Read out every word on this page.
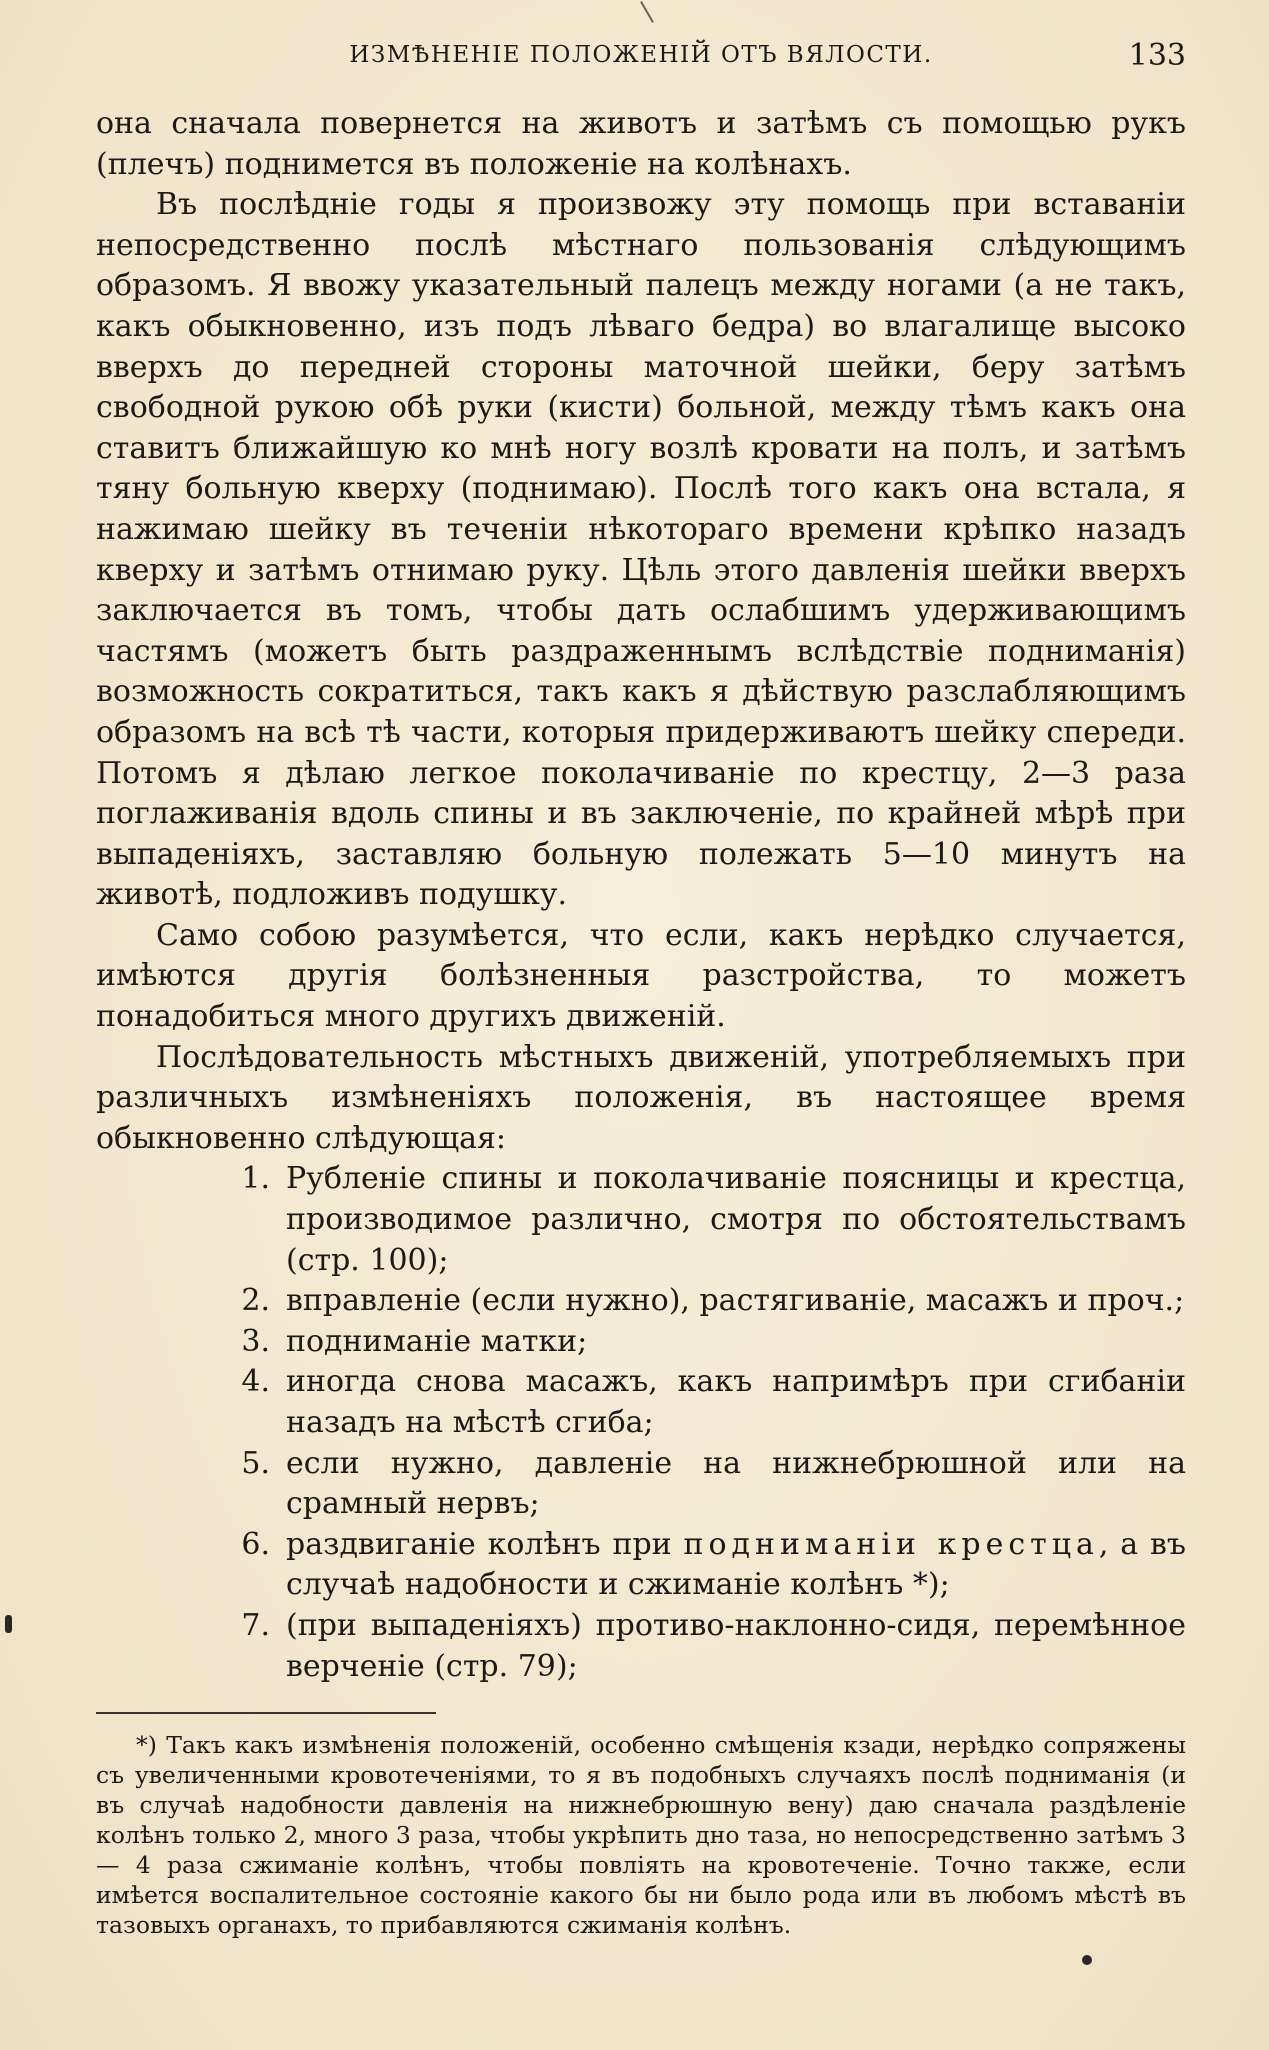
ИЗМѢНЕНІЕ ПОЛОЖЕНІЙ ОТЪ ВЯЛОСТИ.	133

она сначала повернется на животъ и затѣмъ съ помощью рукъ (плечъ) поднимется въ положеніе на колѣнахъ.

Въ послѣдніе годы я произвожу эту помощь при вставаніи непосредственно послѣ мѣстнаго пользованія слѣдующимъ образомъ. Я ввожу указательный палецъ между ногами (а не такъ, какъ обыкновенно, изъ подъ лѣваго бедра) во влагалище высоко вверхъ до передней стороны маточной шейки, беру затѣмъ свободной рукою обѣ руки (кисти) больной, между тѣмъ какъ она ставитъ ближайшую ко мнѣ ногу возлѣ кровати на полъ, и затѣмъ тяну больную кверху (поднимаю). Послѣ того какъ она встала, я нажимаю шейку въ теченіи нѣкотораго времени крѣпко назадъ кверху и затѣмъ отнимаю руку. Цѣль этого давленія шейки вверхъ заключается въ томъ, чтобы дать ослабшимъ удерживающимъ частямъ (можетъ быть раздраженнымъ вслѣдствіе подниманія) возможность сократиться, такъ какъ я дѣйствую разслабляющимъ образомъ на всѣ тѣ части, которыя придерживаютъ шейку спереди. Потомъ я дѣлаю легкое поколачиваніе по крестцу, 2—3 раза поглаживанія вдоль спины и въ заключеніе, по крайней мѣрѣ при выпаденіяхъ, заставляю больную полежать 5—10 минутъ на животѣ, подложивъ подушку.

Само собою разумѣется, что если, какъ нерѣдко случается, имѣются другія болѣзненныя разстройства, то можетъ понадобиться много другихъ движеній.

Послѣдовательность мѣстныхъ движеній, употребляемыхъ при различныхъ измѣненіяхъ положенія, въ настоящее время обыкновенно слѣдующая:

1. Рубленіе спины и поколачиваніе поясницы и крестца, производимое различно, смотря по обстоятельствамъ (стр. 100);
2. вправленіе (если нужно), растягиваніе, масажъ и проч.;
3. подниманіе матки;
4. иногда снова масажъ, какъ напримѣръ при сгибаніи назадъ на мѣстѣ сгиба;
5. если нужно, давленіе на нижнебрюшной или на срамный нервъ;
6. раздвиганіе колѣнъ при подниманіи крестца, а въ случаѣ надобности и сжиманіе колѣнъ *);
7. (при выпаденіяхъ) противо-наклонно-сидя, перемѣнное верченіе (стр. 79);
*) Такъ какъ измѣненія положеній, особенно смѣщенія кзади, нерѣдко сопряжены съ увеличенными кровотеченіями, то я въ подобныхъ случаяхъ послѣ подниманія (и въ случаѣ надобности давленія на нижнебрюшную вену) даю сначала раздѣленіе колѣнъ только 2, много 3 раза, чтобы укрѣпить дно таза, но непосредственно затѣмъ 3 — 4 раза сжиманіе колѣнъ, чтобы повліять на кровотеченіе. Точно также, если имѣется воспалительное состояніе какого бы ни было рода или въ любомъ мѣстѣ въ тазовыхъ органахъ, то прибавляются сжиманія колѣнъ.
